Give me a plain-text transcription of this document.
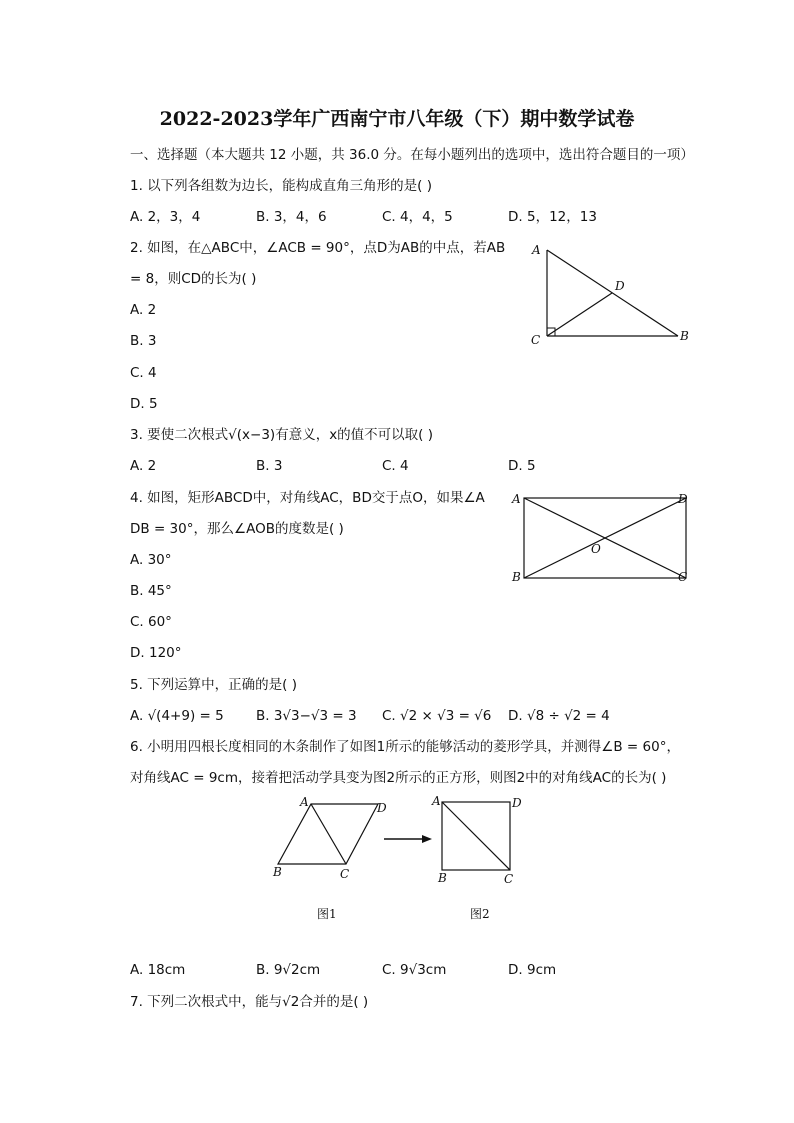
2022-2023学年广西南宁市八年级（下）期中数学试卷
一、选择题（本大题共 12 小题，共 36.0 分。在每小题列出的选项中，选出符合题目的一项）
1. 以下列各组数为边长，能构成直角三角形的是( )
A. 2，3，4	B. 3，4，6	C. 4，4，5	D. 5，12，13
2. 如图，在△ABC中，∠ACB = 90°，点D为AB的中点，若AB
= 8，则CD的长为( )
A. 2
B. 3
C. 4
D. 5
A
D
C	B
3. 要使二次根式√(x−3)有意义，x的值不可以取( )
A. 2	B. 3	C. 4	D. 5
4. 如图，矩形ABCD中，对角线AC，BD交于点O，如果∠A
DB = 30°，那么∠AOB的度数是( )
A. 30°
B. 45°
C. 60°
D. 120°
A	D
B	C
O
5. 下列运算中，正确的是( )
A. √(4+9) = 5 B. 3√3−√3 = 3 C. √2 × √3 = √6 D. √8 ÷ √2 = 4
6. 小明用四根长度相同的木条制作了如图1所示的能够活动的菱形学具，并测得∠B = 60°，
对角线AC = 9cm，接着把活动学具变为图2所示的正方形，则图2中的对角线AC的长为( )
A	D
B	C
A	D
B	C
图1	图2
A. 18cm	B. 9√2cm	C. 9√3cm	D. 9cm
7. 下列二次根式中，能与√2合并的是( )
